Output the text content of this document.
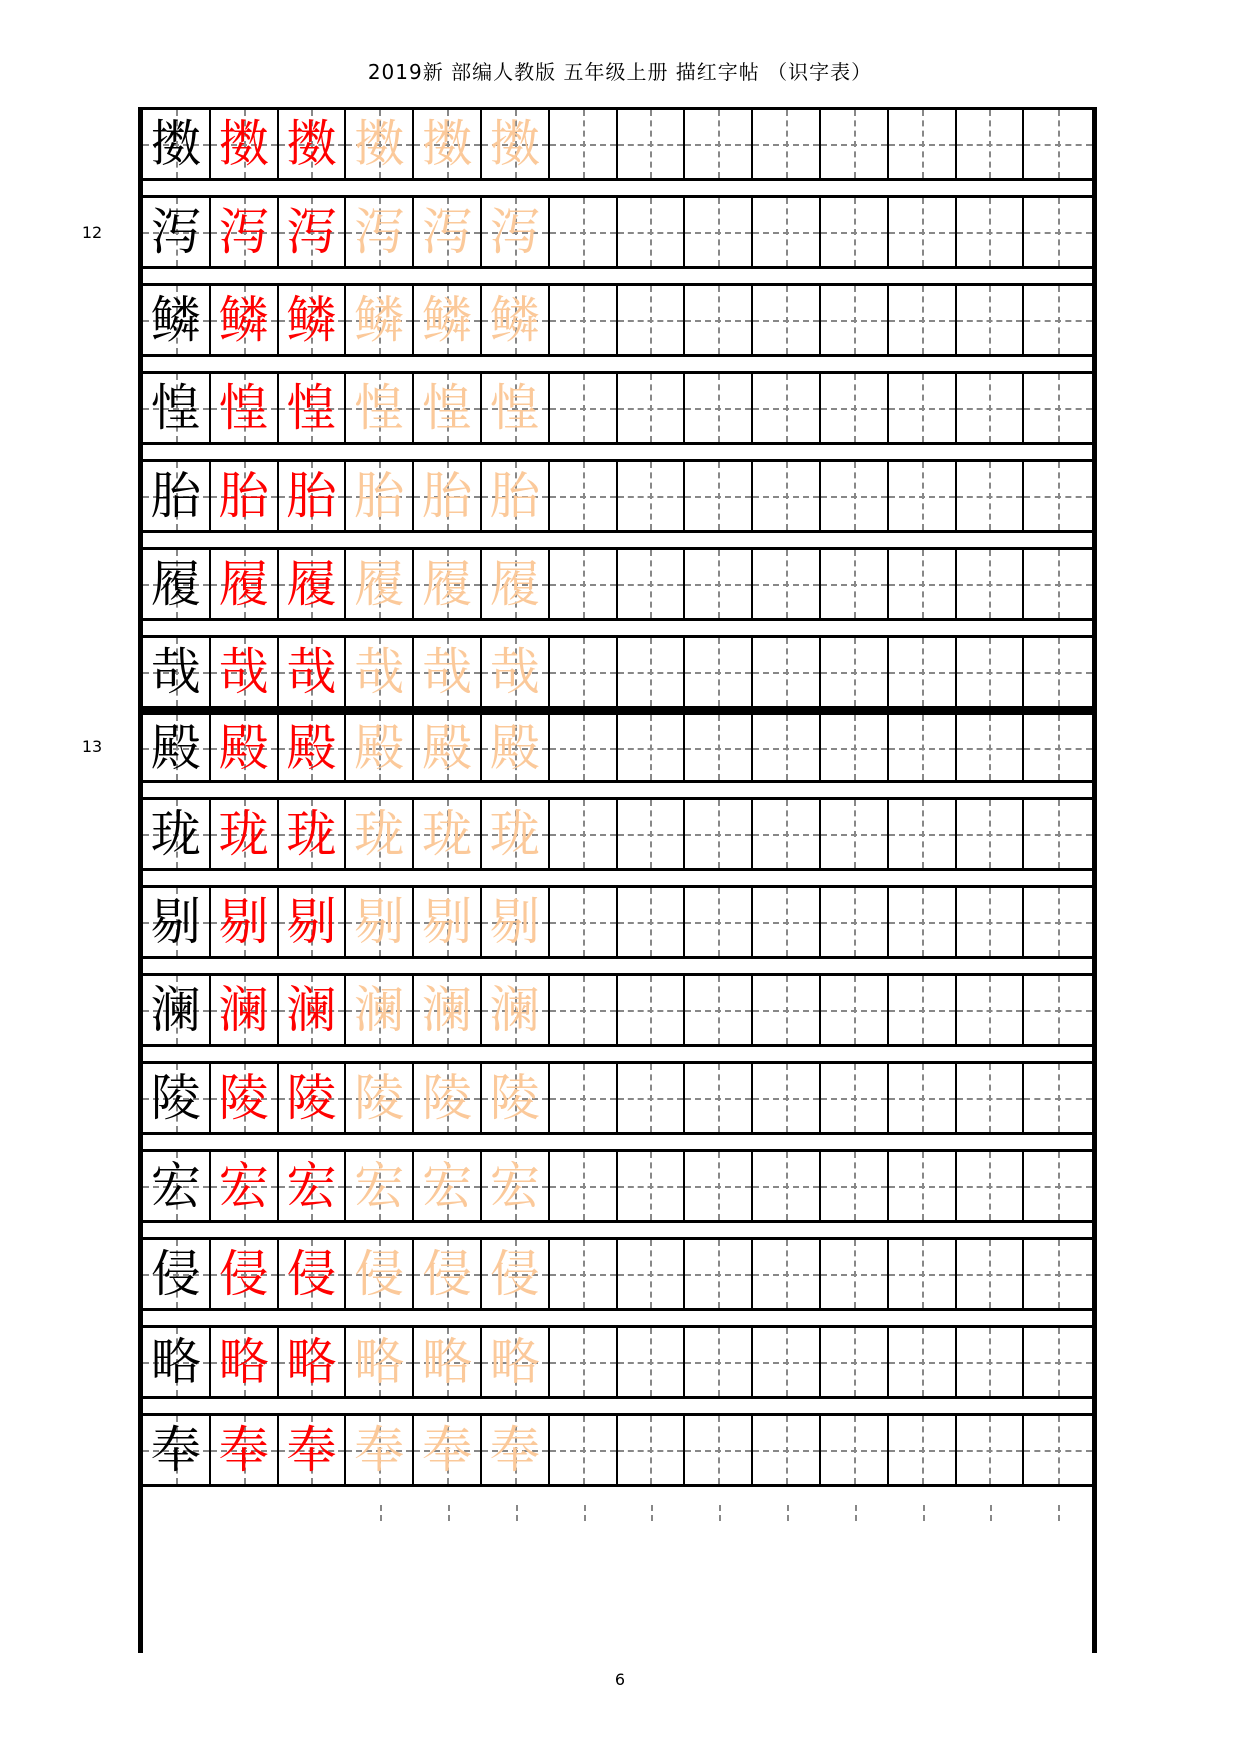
2019新 部编人教版 五年级上册 描红字帖 （识字表）
擞 擞 擞 擞 擞 擞
泻 泻 泻 泻 泻 泻
鳞 鳞 鳞 鳞 鳞 鳞
惶 惶 惶 惶 惶 惶
胎 胎 胎 胎 胎 胎
履 履 履 履 履 履
哉 哉 哉 哉 哉 哉
殿 殿 殿 殿 殿 殿
珑 珑 珑 珑 珑 珑
剔 剔 剔 剔 剔 剔
澜 澜 澜 澜 澜 澜
陵 陵 陵 陵 陵 陵
宏 宏 宏 宏 宏 宏
侵 侵 侵 侵 侵 侵
略 略 略 略 略 略
奉 奉 奉 奉 奉 奉
12
13
6
